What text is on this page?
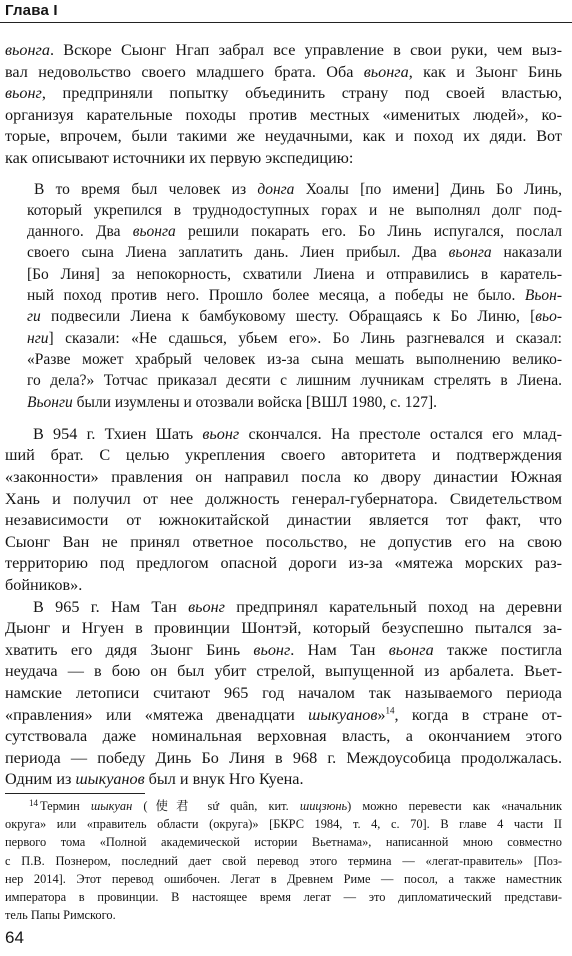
Глава I
вьонга. Вскоре Сыонг Нгап забрал все управление в свои руки, чем выз-
вал недовольство своего младшего брата. Оба вьонга, как и Зыонг Бинь
вьонг, предприняли попытку объединить страну под своей властью,
организуя карательные походы против местных «именитых людей», ко-
торые, впрочем, были такими же неудачными, как и поход их дяди. Вот
как описывают источники их первую экспедицию:
В то время был человек из донга Хоалы [по имени] Динь Бо Линь,
который укрепился в труднодоступных горах и не выполнял долг под-
данного. Два вьонга решили покарать его. Бо Линь испугался, послал
своего сына Лиена заплатить дань. Лиен прибыл. Два вьонга наказали
[Бо Линя] за непокорность, схватили Лиена и отправились в каратель-
ный поход против него. Прошло более месяца, а победы не было. Вьон-
ги подвесили Лиена к бамбуковому шесту. Обращаясь к Бо Линю, [вьо-
нги] сказали: «Не сдашься, убьем его». Бо Линь разгневался и сказал:
«Разве может храбрый человек из-за сына мешать выполнению велико-
го дела?» Тотчас приказал десяти с лишним лучникам стрелять в Лиена.
Вьонги были изумлены и отозвали войска [ВШЛ 1980, с. 127].
В 954 г. Тхиен Шать вьонг скончался. На престоле остался его млад-
ший брат. С целью укрепления своего авторитета и подтверждения
«законности» правления он направил посла ко двору династии Южная
Хань и получил от нее должность генерал-губернатора. Свидетельством
независимости от южнокитайской династии является тот факт, что
Сыонг Ван не принял ответное посольство, не допустив его на свою
территорию под предлогом опасной дороги из-за «мятежа морских раз-
бойников».
В 965 г. Нам Тан вьонг предпринял карательный поход на деревни
Дыонг и Нгуен в провинции Шонтэй, который безуспешно пытался за-
хватить его дядя Зыонг Бинь вьонг. Нам Тан вьонга также постигла
неудача — в бою он был убит стрелой, выпущенной из арбалета. Вьет-
намские летописи считают 965 год началом так называемого периода
«правления» или «мятежа двенадцати шыкуанов»$^{14}$, когда в стране от-
сутствовала даже номинальная верховная власть, а окончанием этого
периода — победу Динь Бо Линя в 968 г. Междоусобица продолжалась.
Одним из шыкуанов был и внук Нго Куена.
$^{14}$ Термин шыкуан (使君 sứ quân, кит. шицзюнь) можно перевести как «начальник
округа» или «правитель области (округа)» [БКРС 1984, т. 4, с. 70]. В главе 4 части II
первого тома «Полной академической истории Вьетнама», написанной мною совместно
с П.В. Познером, последний дает свой перевод этого термина — «легат-правитель» [Поз-
нер 2014]. Этот перевод ошибочен. Легат в Древнем Риме — посол, а также наместник
императора в провинции. В настоящее время легат — это дипломатический представи-
тель Папы Римского.
64
